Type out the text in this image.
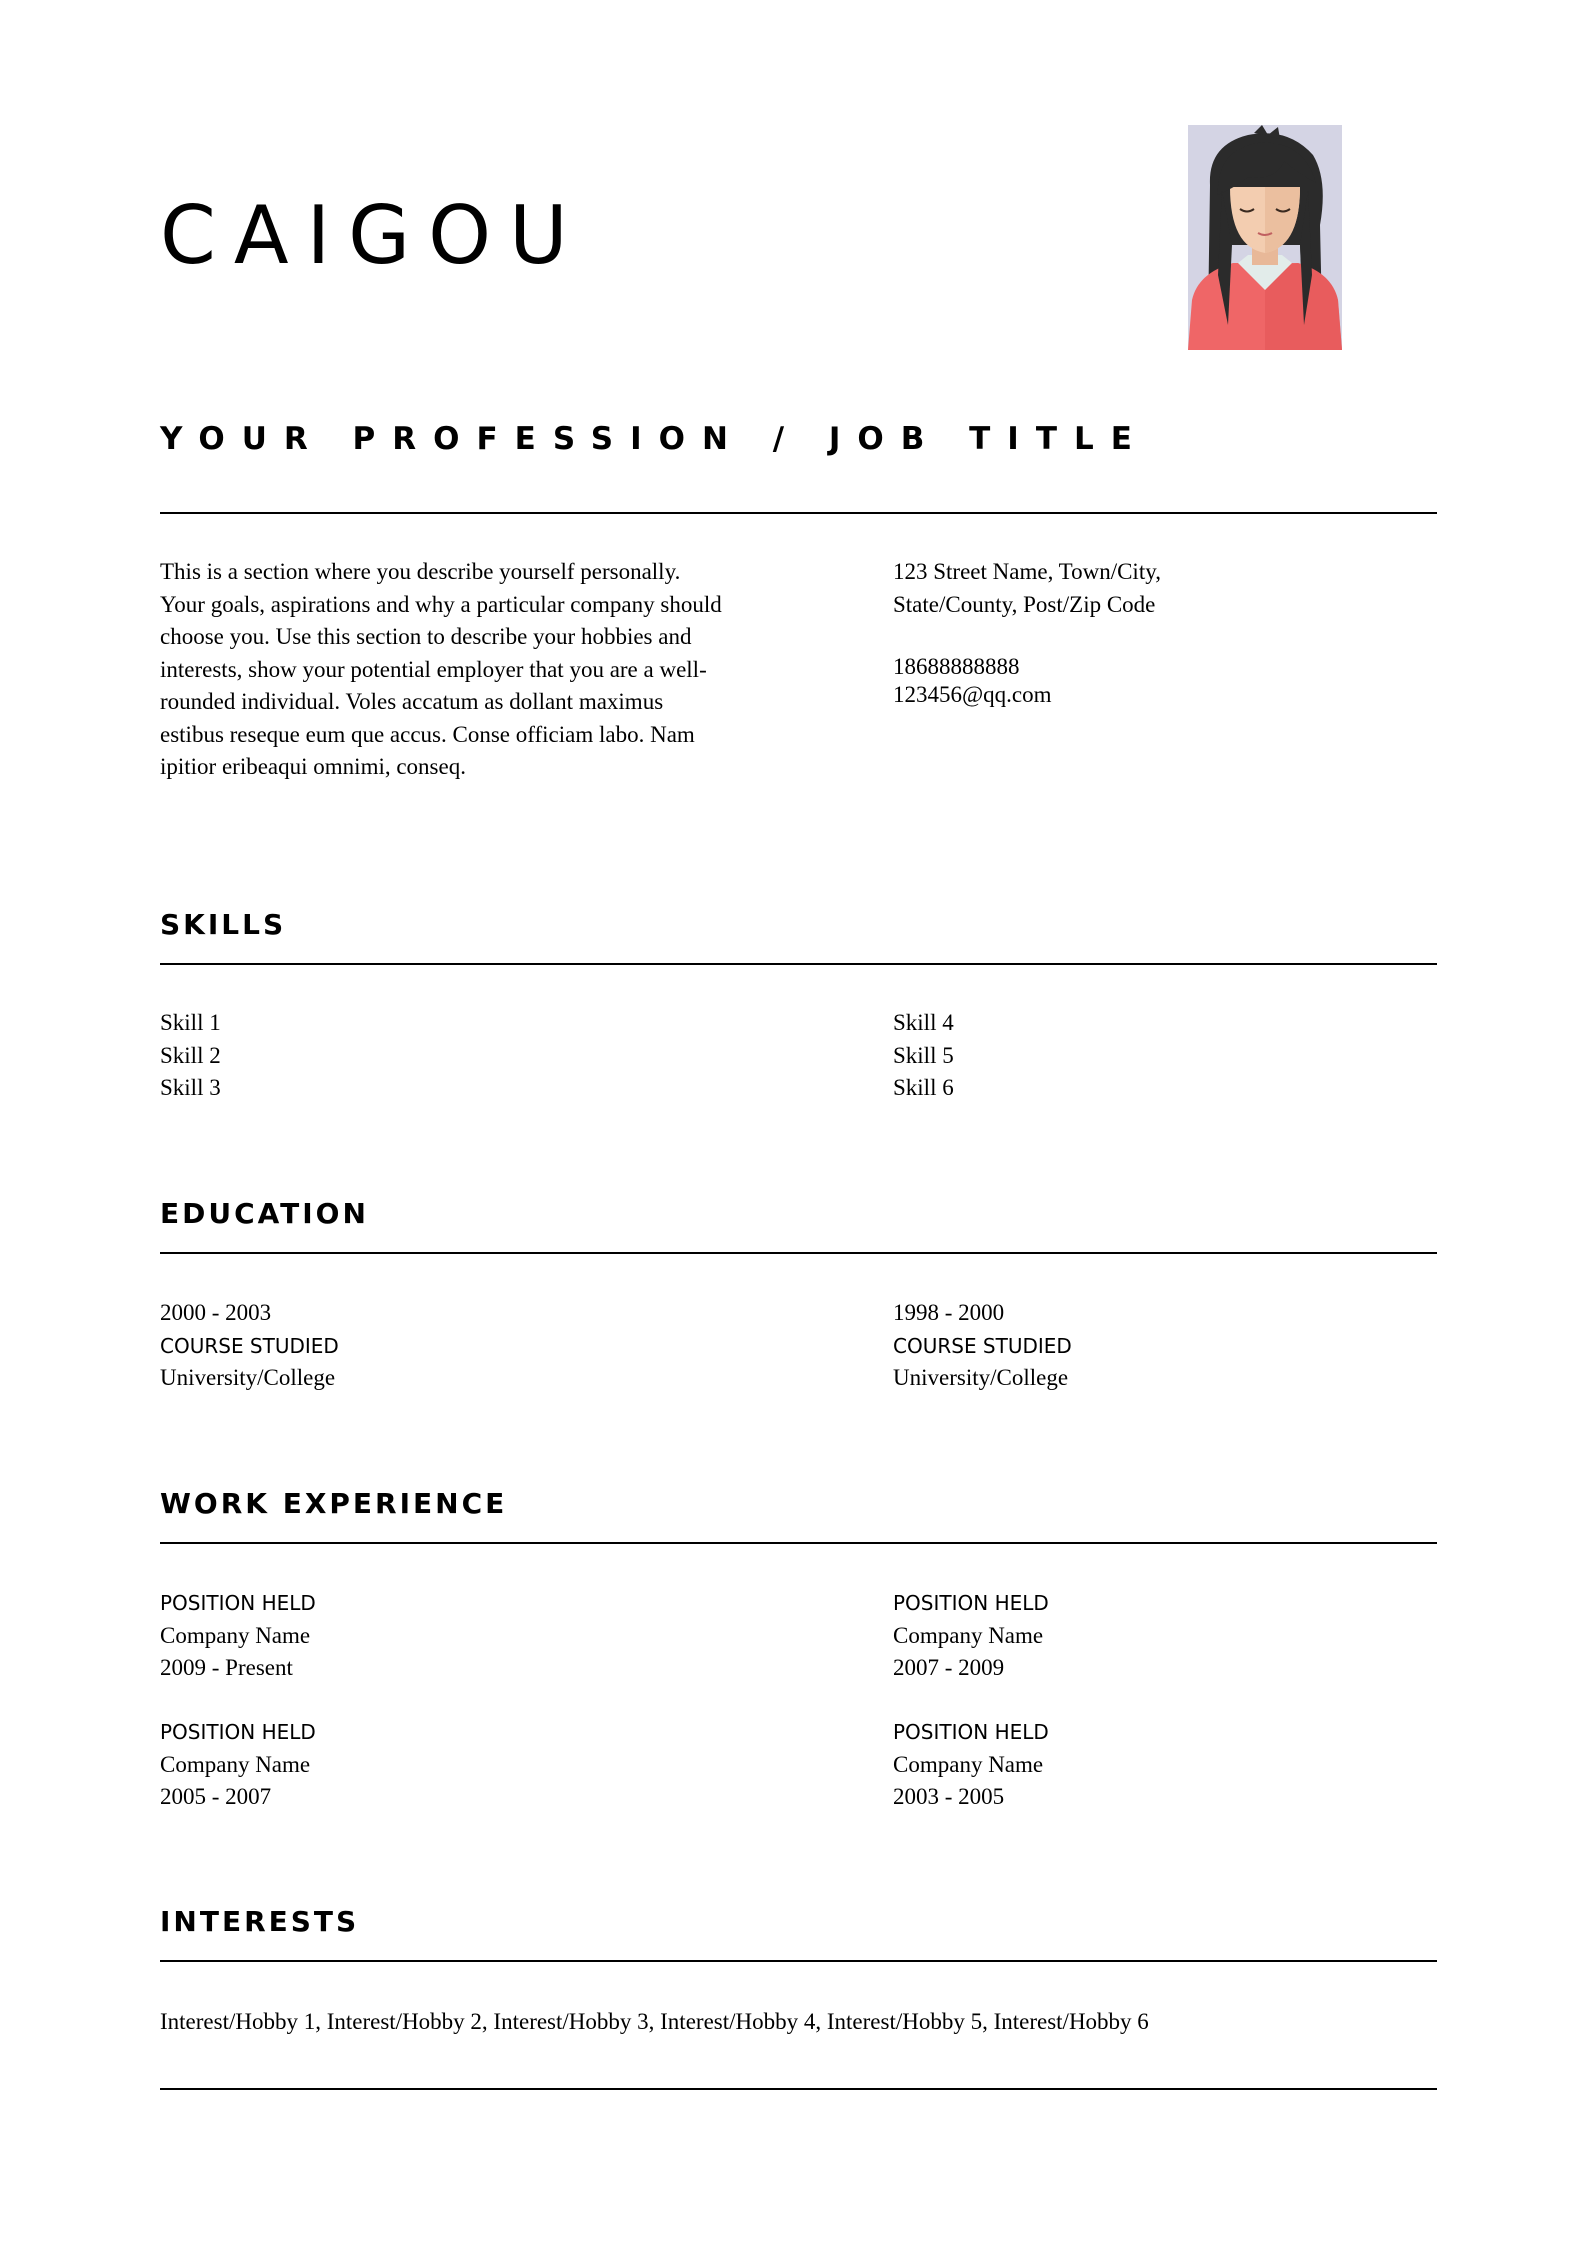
CAIGOU
YOUR PROFESSION / JOB TITLE
This is a section where you describe yourself personally. Your goals, aspirations and why a particular company should choose you. Use this section to describe your hobbies and interests, show your potential employer that you are a well-rounded individual. Voles accatum as dollant maximus estibus reseque eum que accus. Conse officiam labo. Nam ipitior eribeaqui omnimi, conseq.
123 Street Name, Town/City,
State/County, Post/Zip Code
18688888888
123456@qq.com
SKILLS
Skill 1
Skill 2
Skill 3
Skill 4
Skill 5
Skill 6
EDUCATION
2000 - 2003
COURSE STUDIED
University/College
1998 - 2000
COURSE STUDIED
University/College
WORK EXPERIENCE
POSITION HELD
Company Name
2009 - Present
POSITION HELD
Company Name
2007 - 2009
POSITION HELD
Company Name
2005 - 2007
POSITION HELD
Company Name
2003 - 2005
INTERESTS
Interest/Hobby 1, Interest/Hobby 2, Interest/Hobby 3, Interest/Hobby 4, Interest/Hobby 5, Interest/Hobby 6
